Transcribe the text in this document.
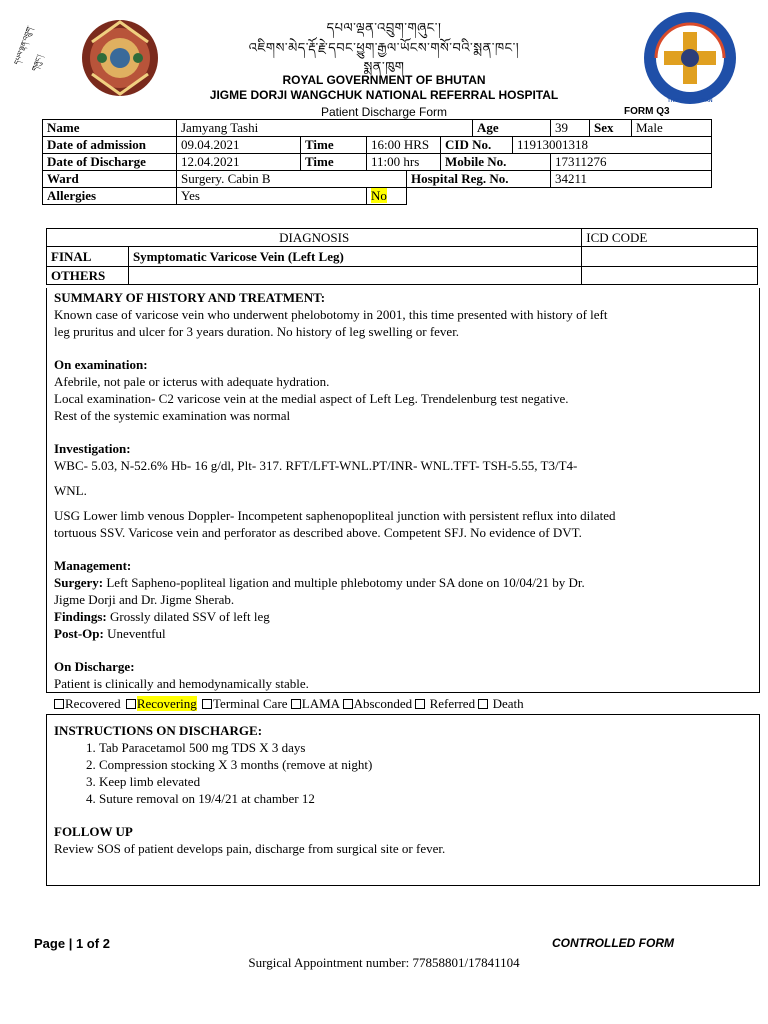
དཔལ་ལྡན་འབྲུག་གཞུང་།
THIMPHU BHUTAN
དཔལ་ལྡན་འབྲུག་གཞུང་།
འཇིགས་མེད་རྡོ་རྗེ་དབང་ཕྱུག་རྒྱལ་ཡོངས་གསོ་བའི་སྨན་ཁང་།
སྨན་ཁུག
ROYAL GOVERNMENT OF BHUTAN
JIGME DORJI WANGCHUK NATIONAL REFERRAL HOSPITAL
Patient Discharge Form	FORM Q3
Name	Jamyang Tashi					Age		39	Sex	Male
Date of admission	09.04.2021	Time	16:00 HRS		CID No.		11913001318			
Date of Discharge	12.04.2021	Time	11:00 hrs		Mobile No.			17311276		
Ward	Surgery. Cabin B			Hospital Reg. No.				34211		
Allergies	Yes		No							
DIAGNOSIS		ICD CODE
FINAL	Symptomatic Varicose Vein (Left Leg)	
OTHERS		
SUMMARY OF HISTORY AND TREATMENT:
Known case of varicose vein who underwent phelobotomy in 2001, this time presented with history of left
leg pruritus and ulcer for 3 years duration. No history of leg swelling or fever.
On examination:
Afebrile, not pale or icterus with adequate hydration.
Local examination- C2 varicose vein at the medial aspect of Left Leg. Trendelenburg test negative.
Rest of the systemic examination was normal
Investigation:
WBC- 5.03, N-52.6% Hb- 16 g/dl, Plt- 317. RFT/LFT-WNL.PT/INR- WNL.TFT- TSH-5.55, T3/T4-
WNL.
USG Lower limb venous Doppler- Incompetent saphenopopliteal junction with persistent reflux into dilated
tortuous SSV. Varicose vein and perforator as described above. Competent SFJ. No evidence of DVT.
Management:
Surgery: Left Sapheno-popliteal ligation and multiple phlebotomy under SA done on 10/04/21 by Dr.
Jigme Dorji and Dr. Jigme Sherab.
Findings: Grossly dilated SSV of left leg
Post-Op: Uneventful
On Discharge:
Patient is clinically and hemodynamically stable.
Recovered Recovering Terminal Care LAMA Absconded  Referred  Death
INSTRUCTIONS ON DISCHARGE:
1. Tab Paracetamol 500 mg TDS X 3 days
2. Compression stocking X 3 months (remove at night)
3. Keep limb elevated
4. Suture removal on 19/4/21 at chamber 12
FOLLOW UP
Review SOS of patient develops pain, discharge from surgical site or fever.
Page | 1 of 2	CONTROLLED FORM
Surgical Appointment number: 77858801/17841104
